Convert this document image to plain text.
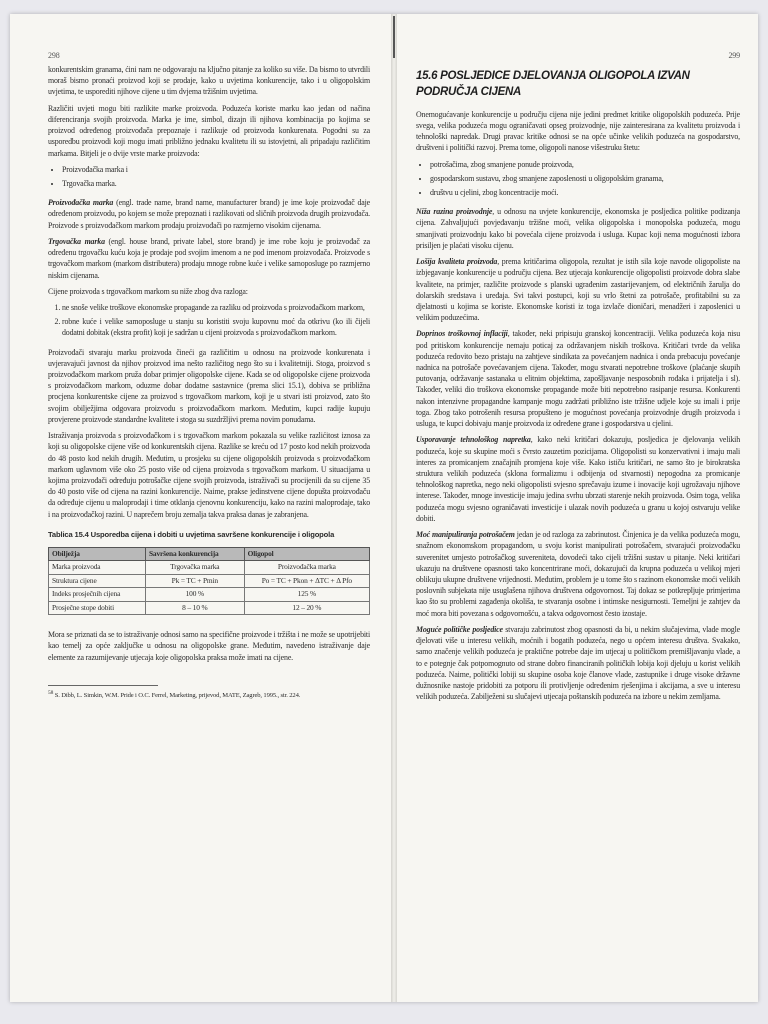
298

konkurentskim granama, ćini nam ne odgovaraju na ključno pitanje za koliko su više. Da bismo to utvrdili moraš bismo pronaći proizvod koji se prodaje, kako u uvjetima konkurencije, tako i u oligopolskim uvjetima, te usporediti njihove cijene u tim dvjema tržišnim uvjetima.

Različiti uvjeti mogu biti razlikite marke proizvoda. Poduzeća koriste marku kao jedan od načina diferenciranja svojih proizvoda. Marka je ime, simbol, dizajn ili njihova kombinacija po kojima se proizvod određenog proizvođača prepoznaje i razlikuje od proizvoda konkurenata. Pogodni su za usporedbu proizvodi koji mogu imati približno jednaku kvalitetu ili su istovjetni, ali pripadaju različitim markama. Bitjeli je o dvije vrste marke proizvoda:

• Proizvođačka marka i
• Trgovačka marka.

Proizvođačka marka (engl. trade name, brand name, manufacturer brand) je ime koje proizvođač daje određenom proizvodu, po kojem se može prepoznati i razlikovati od sličnih proizvoda drugih proizvođača. Proizvode s proizvođačkom markom prodaju proizvođači po razmjerno visokim cijenama.

Trgovačka marka (engl. house brand, private label, store brand) je ime robe koju je proizvođač za određenu trgovačku kuću koja je prodaje pod svojim imenom a ne pod imenom proizvođača. Proizvode s trgovačkom markom (markom distributera) prodaju mnoge robne kuće i velike samoposluge po razmjerno niskim cijenama.

Cijene proizvoda s trgovačkom markom su niže zbog dva razloga:

1. ne snoše velike troškove ekonomske propagande za razliku od proizvoda s proizvođačkom markom,
2. robne kuće i velike samoposluge u stanju su koristiti svoju kupovnu moć da otkrivu (ko ili čijeli dodatni dobitak (ekstra profit) koji je sadržan u cijeni proizvoda s proizvođačkom markom.

Proizvođači stvaraju marku proizvoda čineći ga različitim u odnosu na proizvode konkurenata i uvjeravajući javnost da njihov proizvod ima nešto različitog nego što su i kvalitetniji. Stoga, proizvod s proizvođačkom markom pruža dobar primjer oligopolske cijene. Kada se od oligopolske cijene proizvoda s proizvođačkom markom, oduzme dobar dodatne sastavnice (prema slici 15.1), dobiva se približna procjena konkurentske cijene za proizvod s trgovačkom markom, koji je u stvari isti proizvod, zato što svojim obilježjima odgovara proizvodu s proizvođačkom markom. Međutim, kupci radije kupuju provjerene proizvode standardne kvalitete i stoga su suzdržljivi prema novim ponudama.

Istraživanja proizvoda s proizvođačkom i s trgovačkom markom pokazala su velike razlićitost iznosa za koji su oligopolske cijene više od konkurentskih cijena. Razlike se kreću od 17 posto kod nekih proizvoda do 48 posto kod nekih drugih. Međutim, u prosjeku su cijene oligopolskih proizvoda s proizvođačkom markom uglavnom više oko 25 posto više od cijena proizvoda s trgovačkom markom. U situacijama u kojima proizvođači određuju potrošačke cijene svojih proizvoda, istraživači su procijenili da su cijene 35 do 40 posto više od cijena na razini konkurencije. Naime, prakse jedinstvene cijene dopušta proizvođaču da određuje cijenu u maloprodaji i time otklanja cjenovnu konkurenciju, kako na razini maloprodaje, tako i na proizvođačkoj razini. U naprečem broju zemalja takva praksa danas je zabranjena.

Tablica 15.4 Usporedba cijena i dobiti u uvjetima savršene konkurencije i oligopola
Obilježja	Savršena konkurencija	Oligopol
Marka proizvoda	Trgovačka marka	Proizvođačka marka
Struktura cijene	Pk = TC + Pmin	Po = TC + Pkon + ΔTC + Δ Pfo
Indeks prosječnih cijena	100 %	125 %
Prosječne stope dobiti	8 – 10 %	12 – 20 %

Mora se priznati da se to istraživanje odnosi samo na specifične proizvode i tržišta i ne može se upotrijebiti kao temelj za opće zaključke u odnosu na oligopolske grane. Međutim, navedeno istraživanje daje elemente za razumijevanje utjecaja koje oligopolska praksa može imati na cijene.

$^{58}$ S. Dibb, L. Simkin, W.M. Pride i O.C. Ferrel, Marketing, prijevod, MATE, Zagreb, 1995., str. 224.
299
15.6 POSLJEDICE DJELOVANJA OLIGOPOLA IZVAN PODRUČJA CIJENA

Onemogućavanje konkurencije u području cijena nije jedini predmet kritike oligopolskih poduzeća. Prije svega, velika poduzeća mogu ograničavati opseg proizvodnje, nije zainteresirana za kvalitetu proizvoda i tehnološki napredak. Drugi pravac kritike odnosi se na opće učinke velikih poduzeća na gospodarstvo, društveni i politički razvoj. Prema tome, oligopoli nanose višestruku štetu:

• potrošačima, zbog smanjene ponude proizvoda,
• gospodarskom sustavu, zbog smanjene zaposlenosti u oligopolskim granama,
• društvu u cjelini, zbog koncentracije moći.

Niža razina proizvodnje, u odnosu na uvjete konkurencije, ekonomska je posljedica politike podizanja cijena. Zahvaljujući povjeđavanju tržišne moći, velika oligopolska i monopolska poduzeća, mogu smanjivati proizvodnju kako bi povećala cijene proizvoda i usluga. Kupac koji nema mogućnosti izbora prisiljen je plaćati visoku cijenu.

Lošija kvaliteta proizvoda, prema kritičarima oligopola, rezultat je istih sila koje navode oligopoliste na izbjegavanje konkurencije u području cijena. Bez utjecaja konkurencije oligopolisti proizvode dobra slabe kvalitete, na primjer, različite proizvode s planski ugrađenim zastarijevanjem, od električnih žarulja do dolarskih sredstava i uređaja. Svi takvi postupci, koji su vrlo štetni za potrošače, profitabilni su za djelatnosti u kojima se koriste. Ekonomske koristi iz toga izvlače dioničari, menadžeri i zaposlenici u velikim poduzećima.

Doprinos troškovnoj inflaciji, također, neki pripisuju granskoj koncentraciji. Velika poduzeća koja nisu pod pritiskom konkurencije nemaju poticaj za održavanjem niskih troškova. Kritičari tvrde da velika poduzeća redovito bezo pristaju na zahtjeve sindikata za povećanjem nadnica i onda prebacuju povećanje nadnica na potrošače povećavanjem cijena. Također, mogu stvarati nepotrebne troškove (plaćanje skupih putovanja, održavanje sastanaka u elitnim objektima, zapošljavanje nesposobnih rođaka i prijatelja i sl). Također, veliki dio troškova ekonomske propagande može biti nepotrebno rasipanje resursa. Konkurenti nakon intenzivne propagandne kampanje mogu zadržati približno iste tržišne udjele koje su imali i prije toga. Zbog tako potrošenih resursa propušteno je mogućnost povećanja proizvodnje drugih proizvoda i usluga, te kupci dobivaju manje proizvoda iz određene grane i gospodarstva u cjelini.

Usporavanje tehnološkog napretka, kako neki kritičari dokazuju, posljedica je djelovanja velikih poduzeća, koje su skupine moći s čvrsto zauzetim pozicijama. Oligopolisti su konzervativni i imaju mali interes za promicanjem značajnih promjena koje više. Kako ističu kritičari, ne samo što je birokratska struktura velikih poduzeća (sklona formalizmu i odbijenja od stvarnosti) nepogodna za promicanje tehnološkog napretka, nego neki oligopolisti svjesno sprečavaju izume i inovacije koji ugrožavaju njihove interese. Također, mnoge investicije imaju jedina svrhu ubrzati starenje nekih proizvoda. Osim toga, velika poduzeća mogu svjesno ograničavati investicije i ulazak novih poduzeća u granu u kojoj ostvaruju velike dobiti.

Moć manipuliranja potrošačem jedan je od razloga za zabrinutost. Činjenica je da velika poduzeća mogu, snažnom ekonomskom propagandom, u svoju korist manipulirati potrošačem, stvarajući proizvođačku suverenitet umjesto potrošačkog suvereniteta, dovodeći tako cijeli tržišni sustav u pitanje. Neki kritičari ukazuju na društvene opasnosti tako koncentrirane moći, dokazujući da krupna poduzeća u velikoj mjeri oblikuju ukupne društvene vrijednosti. Međutim, problem je u tome što s razinom ekonomske moći velikih poslovnih subjekata nije usuglašena njihova društvena odgovornost. Taj dokaz se potkrepljuje primjerima kao što su problemi zagađenja okoliša, te stvaranja osobne i intimske nesigurnosti. Temeljni je zahtjev da moć mora biti povezana s odgovornošću, a takva odgovornost često izostaje.

Moguće političke posljedice stvaraju zabrinutost zbog opasnosti da bi, u nekim slučajevima, vlade mogle djelovati više u interesu velikih, moćnih i bogatih poduzeća, nego u općem interesu društva. Svakako, samo značenje velikih poduzeća je praktične potrebe daje im utjecaj u političkom premišljavanju vlade, a to e potegnje čak potpomognuto od strane dobro financiranih političkih lobija koji djeluju u korist velikih poduzeća. Naime, politički lobiji su skupine osoba koje članove vlade, zastupnike i druge visoke državne dužnosnike nastoje pridobiti za potporu ili protivljenje određenim rješenjima i akcijama, a sve u interesu velikih poduzeća. Zabilježeni su slučajevi utjecaja poštanskih poduzeća na izbore u nekim zemljama.
